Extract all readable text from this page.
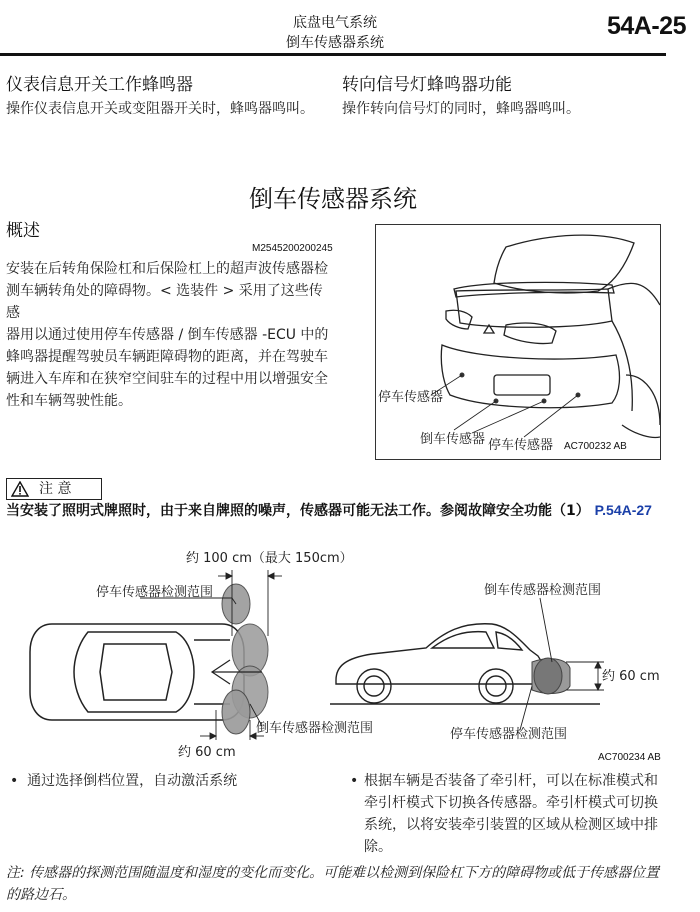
底盘电气系统
倒车传感器系统
54A-25
仪表信息开关工作蜂鸣器
操作仪表信息开关或变阻器开关时，蜂鸣器鸣叫。
转向信号灯蜂鸣器功能
操作转向信号灯的同时，蜂鸣器鸣叫。
倒车传感器系统
概述
M2545200200245
安装在后转角保险杠和后保险杠上的超声波传感器检
测车辆转角处的障碍物。< 选装件 > 采用了这些传感
器用以通过使用停车传感器 / 倒车传感器 -ECU 中的
蜂鸣器提醒驾驶员车辆距障碍物的距离，并在驾驶车
辆进入车库和在狭窄空间驻车的过程中用以增强安全
性和车辆驾驶性能。	停车传感器
倒车传感器 停车传感器 AC700232 AB
注 意
当安装了照明式牌照时，由于来自牌照的噪声，传感器可能无法工作。参阅故障安全功能（1） P.54A-27
约 100 cm（最大 150cm）
停车传感器检测范围
倒车传感器检测范围
约 60 cm
倒车传感器检测范围
约 60 cm
停车传感器检测范围
AC700234 AB
•  通过选择倒档位置，自动激活系统	• 根据车辆是否装备了牵引杆，可以在标准模式和
牵引杆模式下切换各传感器。牵引杆模式可切换
系统，以将安装牵引装置的区域从检测区域中排
除。
注: 传感器的探测范围随温度和湿度的变化而变化。可能难以检测到保险杠下方的障碍物或低于传感器位置
的路边石。
